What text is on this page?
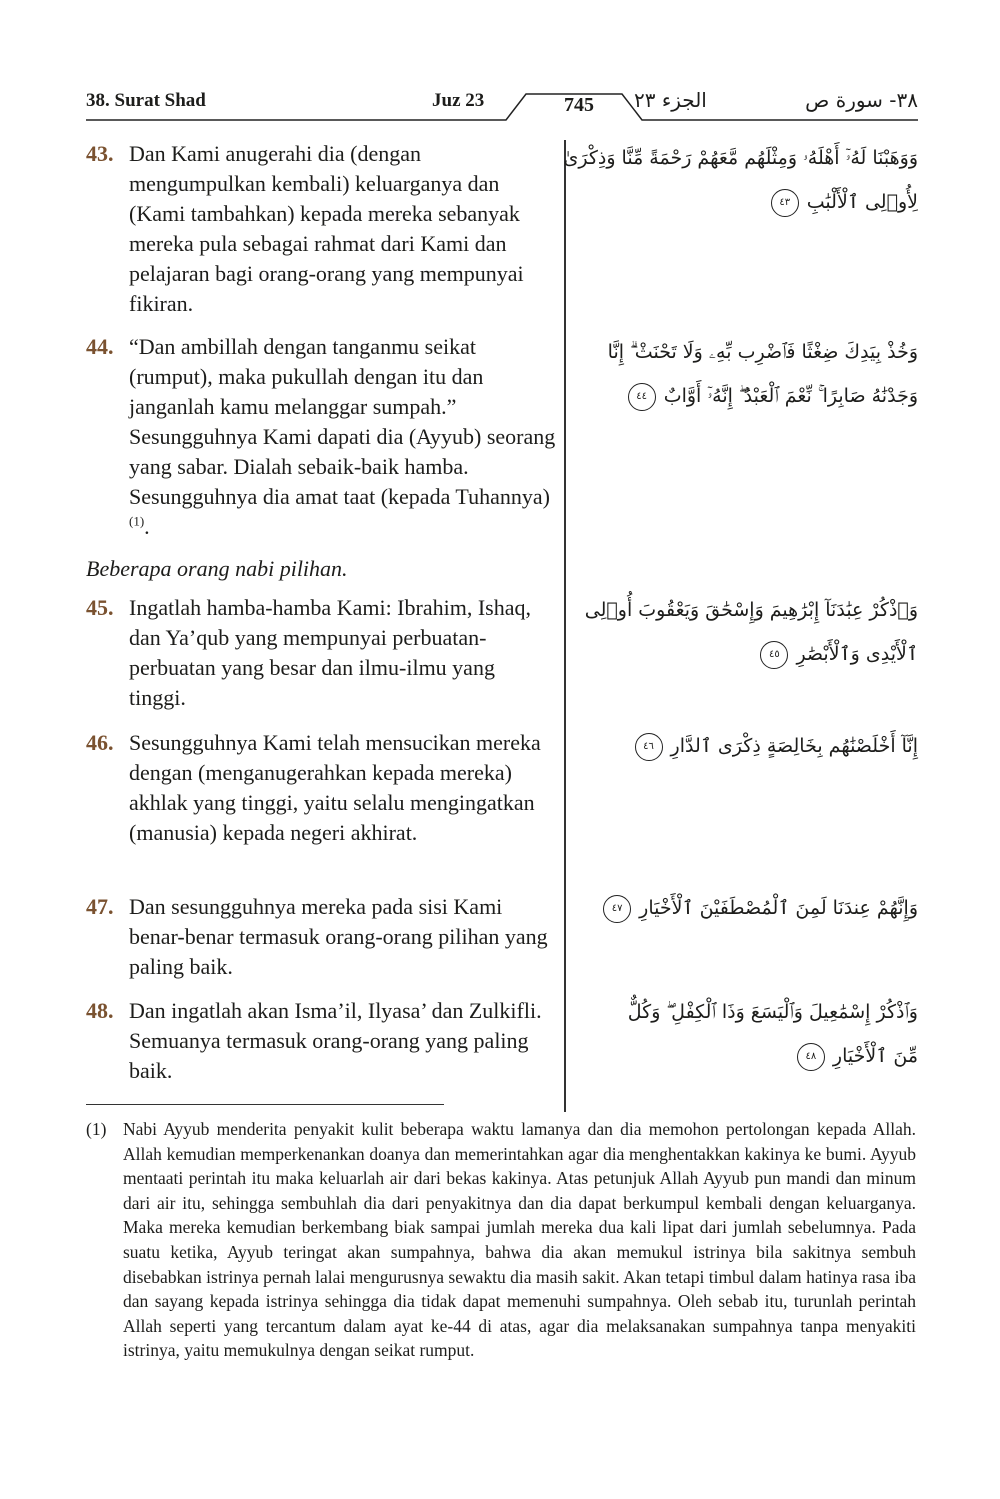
38. Surat Shad	Juz 23	745	الجزء ٢٣	٣٨- سورة ص
43. Dan Kami anugerahi dia (dengan mengumpulkan kembali) keluarganya dan (Kami tambahkan) kepada mereka sebanyak mereka pula sebagai rahmat dari Kami dan pelajaran bagi orang-orang yang mempunyai fikiran.
وَوَهَبْنَا لَهُۥٓ أَهْلَهُۥ وَمِثْلَهُم مَّعَهُمْ رَحْمَةً مِّنَّا وَذِكْرَىٰ
لِأُو۟لِى ٱلْأَلْبَٰبِ ٤٣
44. “Dan ambillah dengan tanganmu seikat (rumput), maka pukullah dengan itu dan janganlah kamu melanggar sumpah.” Sesungguhnya Kami dapati dia (Ayyub) seorang yang sabar. Dialah sebaik-baik hamba. Sesungguhnya dia amat taat (kepada Tuhannya)$^{(1)}$.
وَخُذْ بِيَدِكَ ضِغْثًا فَٱضْرِب بِّهِۦ وَلَا تَحْنَثْ ۗ إِنَّا
وَجَدْنَٰهُ صَابِرًا ۚ نِّعْمَ ٱلْعَبْدُ ۖ إِنَّهُۥٓ أَوَّابٌ ٤٤
Beberapa orang nabi pilihan.
45. Ingatlah hamba-hamba Kami: Ibrahim, Ishaq, dan Ya’qub yang mempunyai perbuatan-perbuatan yang besar dan ilmu-ilmu yang tinggi.
وَٱذْكُرْ عِبَٰدَنَآ إِبْرَٰهِيمَ وَإِسْحَٰقَ وَيَعْقُوبَ أُو۟لِى
ٱلْأَيْدِى وَٱلْأَبْصَٰرِ ٤٥
46. Sesungguhnya Kami telah mensucikan mereka dengan (menganugerahkan kepada mereka) akhlak yang tinggi, yaitu selalu mengingatkan (manusia) kepada negeri akhirat.
إِنَّآ أَخْلَصْنَٰهُم بِخَالِصَةٍ ذِكْرَى ٱلدَّارِ ٤٦
47. Dan sesungguhnya mereka pada sisi Kami benar-benar termasuk orang-orang pilihan yang paling baik.
وَإِنَّهُمْ عِندَنَا لَمِنَ ٱلْمُصْطَفَيْنَ ٱلْأَخْيَارِ ٤٧
48. Dan ingatlah akan Isma’il, Ilyasa’ dan Zulkifli. Semuanya termasuk orang-orang yang paling baik.
وَٱذْكُرْ إِسْمَٰعِيلَ وَٱلْيَسَعَ وَذَا ٱلْكِفْلِ ۖ وَكُلٌّ
مِّنَ ٱلْأَخْيَارِ ٤٨
(1) Nabi Ayyub menderita penyakit kulit beberapa waktu lamanya dan dia memohon pertolongan kepada Allah. Allah kemudian memperkenankan doanya dan memerintahkan agar dia menghentakkan kakinya ke bumi. Ayyub mentaati perintah itu maka keluarlah air dari bekas kakinya. Atas petunjuk Allah Ayyub pun mandi dan minum dari air itu, sehingga sembuhlah dia dari penyakitnya dan dia dapat berkumpul kembali dengan keluarganya. Maka mereka kemudian berkembang biak sampai jumlah mereka dua kali lipat dari jumlah sebelumnya. Pada suatu ketika, Ayyub teringat akan sumpahnya, bahwa dia akan memukul istrinya bila sakitnya sembuh disebabkan istrinya pernah lalai mengurusnya sewaktu dia masih sakit. Akan tetapi timbul dalam hatinya rasa iba dan sayang kepada istrinya sehingga dia tidak dapat memenuhi sumpahnya. Oleh sebab itu, turunlah perintah Allah seperti yang tercantum dalam ayat ke-44 di atas, agar dia melaksanakan sumpahnya tanpa menyakiti istrinya, yaitu memukulnya dengan seikat rumput.
